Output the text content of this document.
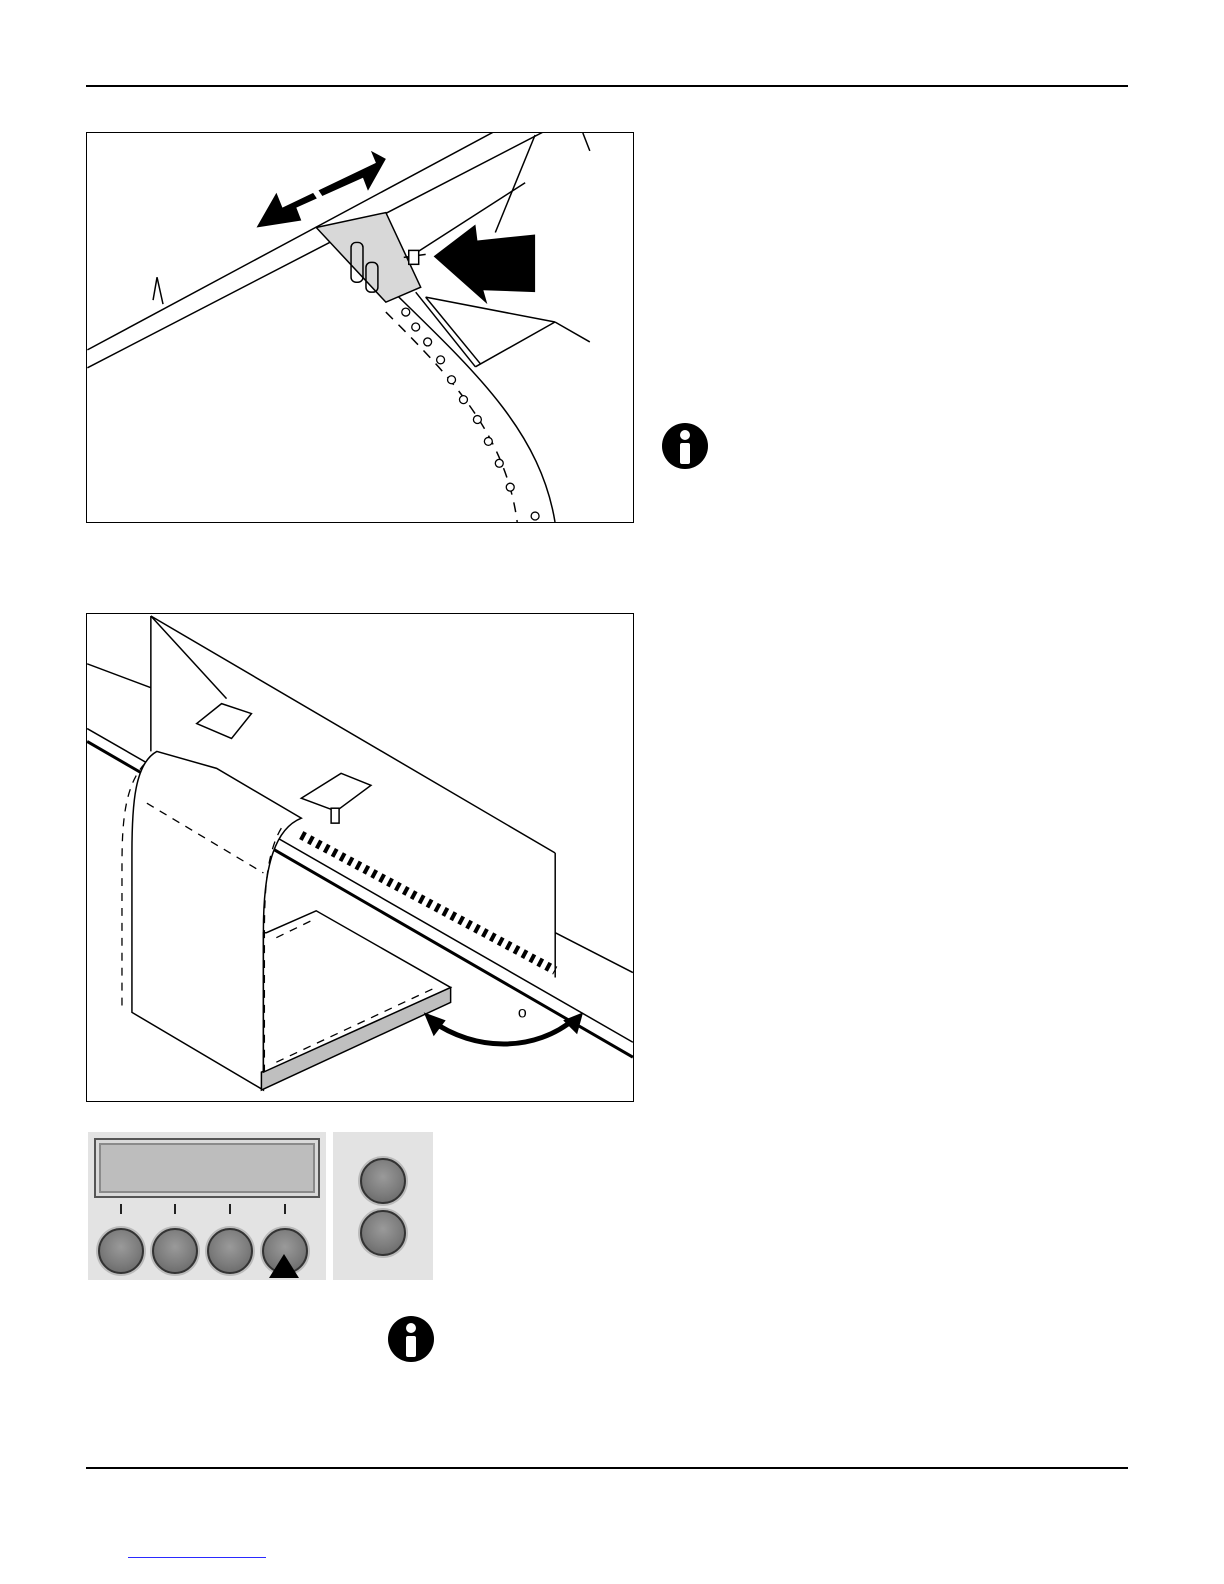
o
